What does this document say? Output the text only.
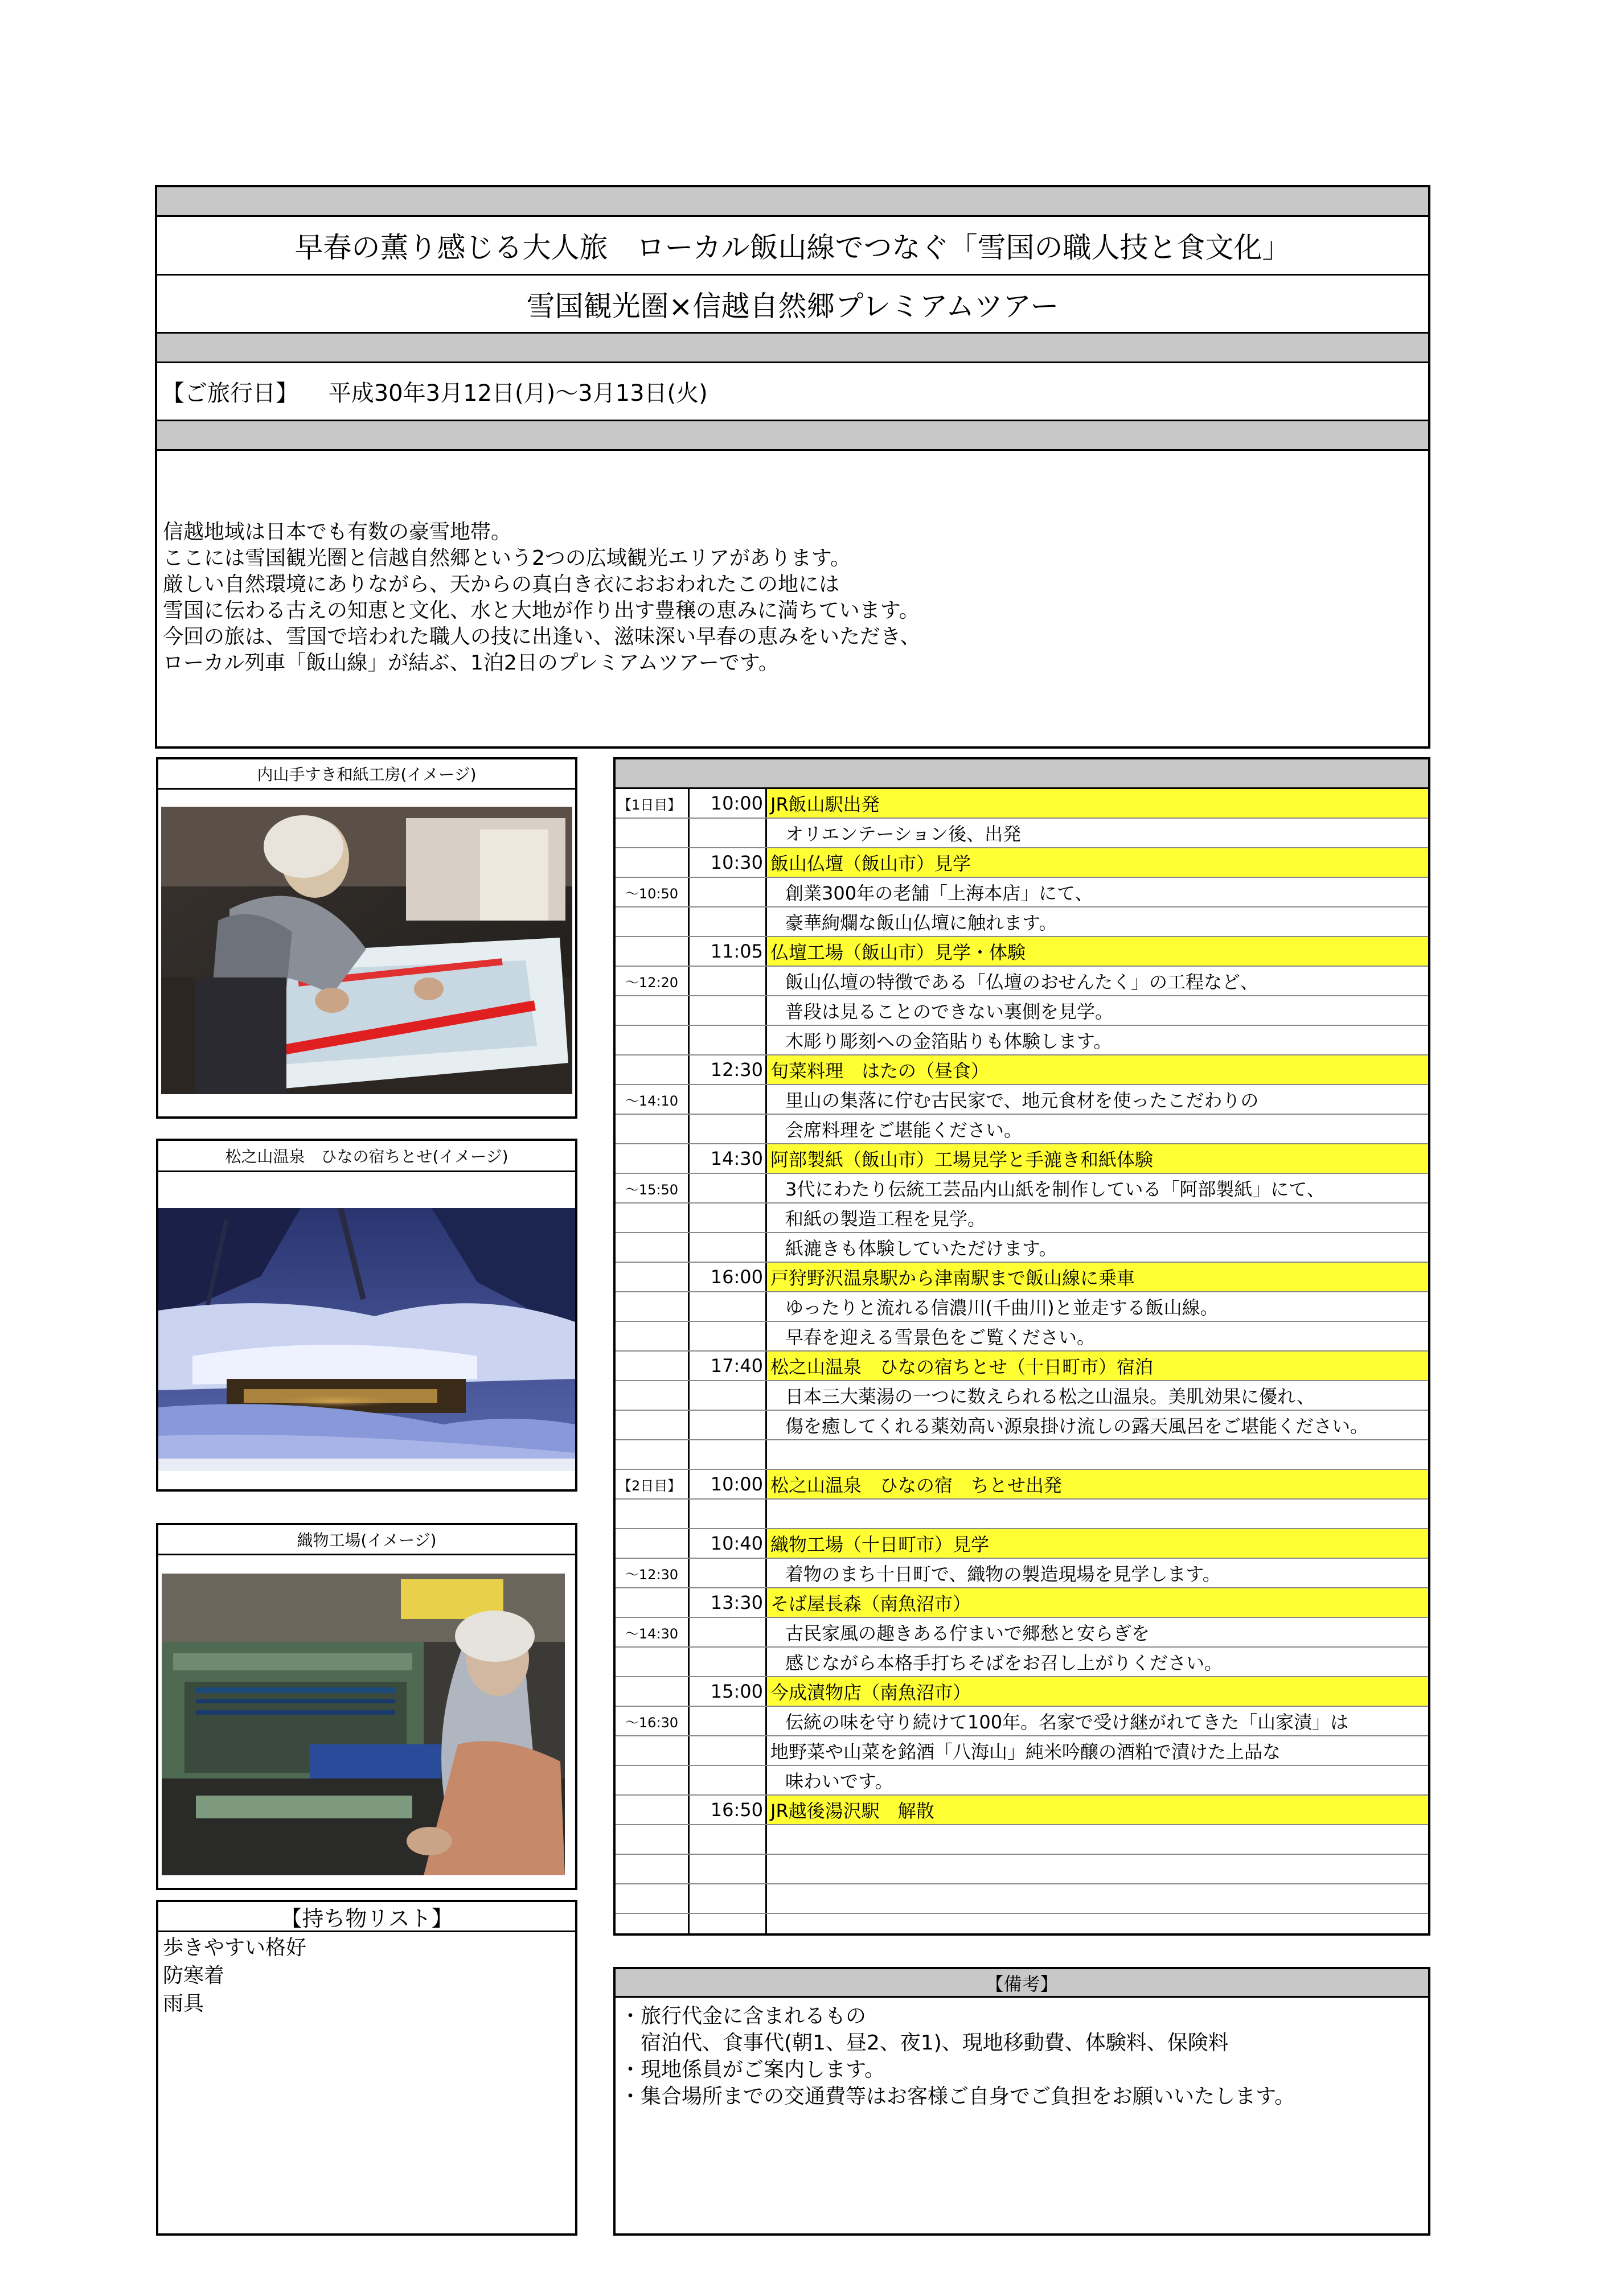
早春の薫り感じる大人旅　ローカル飯山線でつなぐ「雪国の職人技と食文化」
雪国観光圏×信越自然郷プレミアムツアー
【ご旅行日】
　 平成30年3月12日(月)～3月13日(火)
信越地域は日本でも有数の豪雪地帯。
ここには雪国観光圏と信越自然郷という2つの広域観光エリアがあります。
厳しい自然環境にありながら、天からの真白き衣におおわれたこの地には
雪国に伝わる古えの知恵と文化、水と大地が作り出す豊穣の恵みに満ちています。
今回の旅は、雪国で培われた職人の技に出逢い、滋味深い早春の恵みをいただき、
ローカル列車「飯山線」が結ぶ、1泊2日のプレミアムツアーです。
内山手すき和紙工房(イメージ)
松之山温泉　ひなの宿ちとせ(イメージ)
織物工場(イメージ)
【持ち物リスト】
歩きやすい格好
防寒着
雨具
【1日目】	10:00 JR飯山駅出発
オリエンテーション後、出発
10:30 飯山仏壇（飯山市）見学
～10:50	創業300年の老舗「上海本店」にて、
豪華絢爛な飯山仏壇に触れます。
11:05 仏壇工場（飯山市）見学・体験
～12:20	飯山仏壇の特徴である「仏壇のおせんたく」の工程など、
普段は見ることのできない裏側を見学。
木彫り彫刻への金箔貼りも体験します。
12:30 旬菜料理　はたの（昼食）
～14:10	里山の集落に佇む古民家で、地元食材を使ったこだわりの
会席料理をご堪能ください。
14:30 阿部製紙（飯山市）工場見学と手漉き和紙体験
～15:50	3代にわたり伝統工芸品内山紙を制作している「阿部製紙」にて、
和紙の製造工程を見学。
紙漉きも体験していただけます。
16:00 戸狩野沢温泉駅から津南駅まで飯山線に乗車
ゆったりと流れる信濃川(千曲川)と並走する飯山線。
早春を迎える雪景色をご覧ください。
17:40 松之山温泉　ひなの宿ちとせ（十日町市）宿泊
日本三大薬湯の一つに数えられる松之山温泉。美肌効果に優れ、
傷を癒してくれる薬効高い源泉掛け流しの露天風呂をご堪能ください。
【2日目】	10:00 松之山温泉　ひなの宿　ちとせ出発
10:40 織物工場（十日町市）見学
～12:30	着物のまち十日町で、織物の製造現場を見学します。
13:30 そば屋長森（南魚沼市）
～14:30	古民家風の趣きある佇まいで郷愁と安らぎを
感じながら本格手打ちそばをお召し上がりください。
15:00 今成漬物店（南魚沼市）
～16:30	伝統の味を守り続けて100年。名家で受け継がれてきた「山家漬」は
地野菜や山菜を銘酒「八海山」純米吟醸の酒粕で漬けた上品な
味わいです。
16:50 JR越後湯沢駅　解散
【備考】
・旅行代金に含まれるもの
　宿泊代、食事代(朝1、昼2、夜1)、現地移動費、体験料、保険料
・現地係員がご案内します。
・集合場所までの交通費等はお客様ご自身でご負担をお願いいたします。
